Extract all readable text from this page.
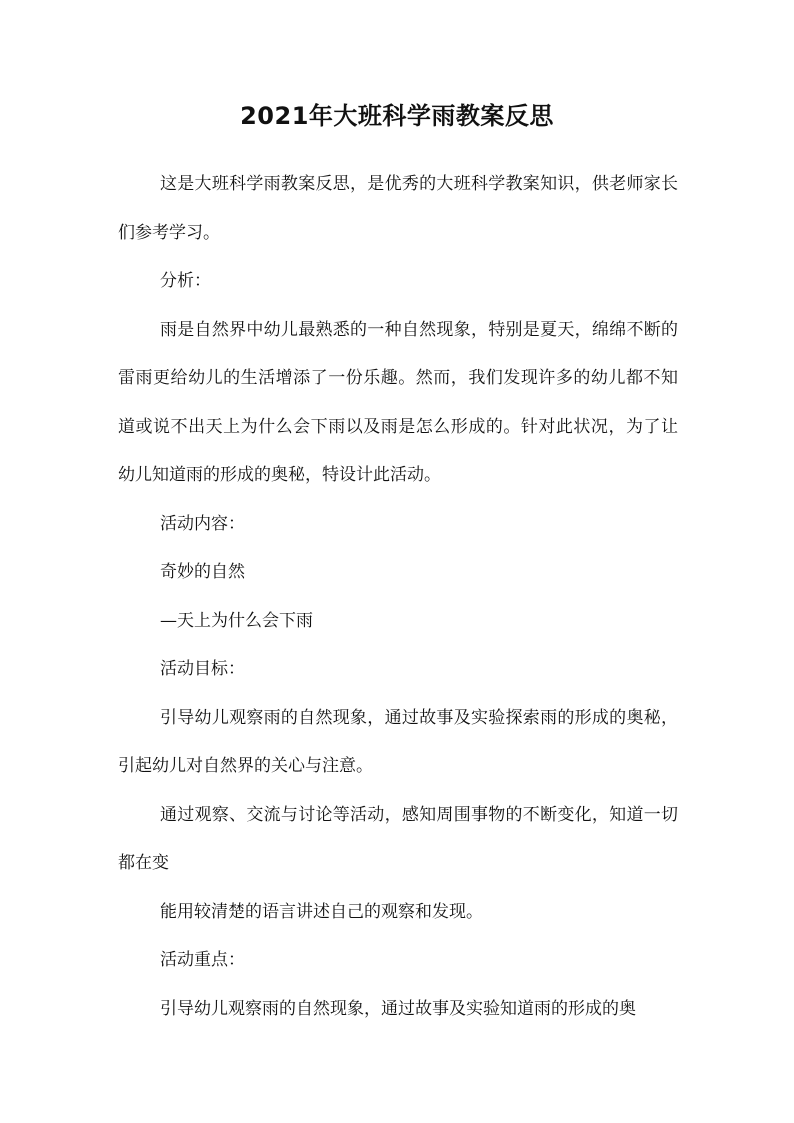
2021年大班科学雨教案反思

这是大班科学雨教案反思，是优秀的大班科学教案知识，供老师家长们参考学习。

分析：

雨是自然界中幼儿最熟悉的一种自然现象，特别是夏天，绵绵不断的雷雨更给幼儿的生活增添了一份乐趣。然而，我们发现许多的幼儿都不知道或说不出天上为什么会下雨以及雨是怎么形成的。针对此状况，为了让幼儿知道雨的形成的奥秘，特设计此活动。

活动内容：

奇妙的自然

—天上为什么会下雨

活动目标：

引导幼儿观察雨的自然现象，通过故事及实验探索雨的形成的奥秘，引起幼儿对自然界的关心与注意。

通过观察、交流与讨论等活动，感知周围事物的不断变化，知道一切都在变

能用较清楚的语言讲述自己的观察和发现。

活动重点：

引导幼儿观察雨的自然现象，通过故事及实验知道雨的形成的奥
